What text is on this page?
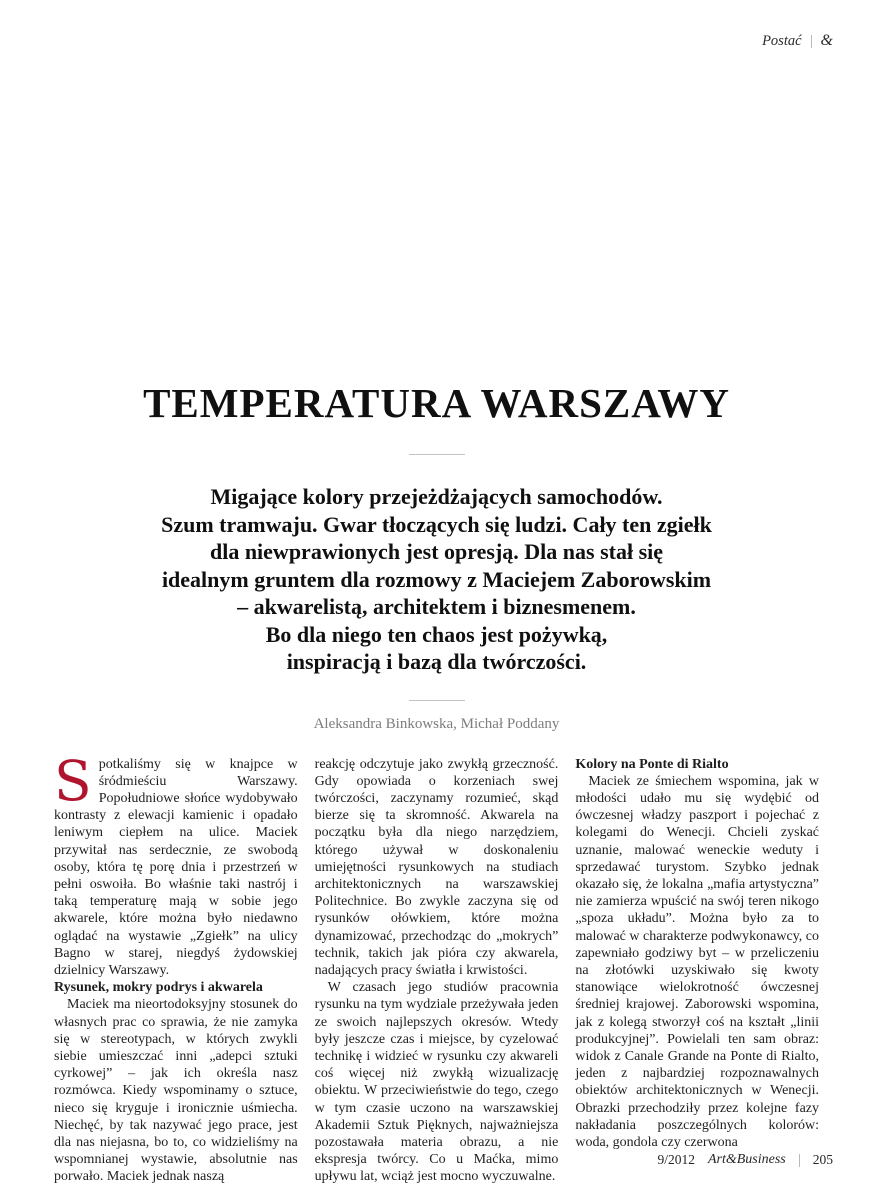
Postać &
TEMPERATURA WARSZAWY
Migające kolory przejeżdżających samochodów.
Szum tramwaju. Gwar tłoczących się ludzi. Cały ten zgiełk
dla niewprawionych jest opresją. Dla nas stał się
idealnym gruntem dla rozmowy z Maciejem Zaborowskim
– akwarelistą, architektem i biznesmenem.
Bo dla niego ten chaos jest pożywką,
inspiracją i bazą dla twórczości.
Aleksandra Binkowska, Michał Poddany

Spotkaliśmy się w knajpce w śródmieściu Warszawy. Popołudniowe słońce wydobywało kontrasty z elewacji kamienic i opadało leniwym ciepłem na ulice. Maciek przywitał nas serdecznie, ze swobodą osoby, która tę porę dnia i przestrzeń w pełni oswoiła. Bo właśnie taki nastrój i taką temperaturę mają w sobie jego akwarele, które można było niedawno oglądać na wystawie „Zgiełk” na ulicy Bagno w starej, niegdyś żydowskiej dzielnicy Warszawy.

Rysunek, mokry podrys i akwarela

Maciek ma nieortodoksyjny stosunek do własnych prac co sprawia, że nie zamyka się w stereotypach, w których zwykli siebie umieszczać inni „adepci sztuki cyrkowej” – jak ich określa nasz rozmówca. Kiedy wspominamy o sztuce, nieco się kryguje i ironicznie uśmiecha. Niechęć, by tak nazywać jego prace, jest dla nas niejasna, bo to, co widzieliśmy na wspomnianej wystawie, absolutnie nas porwało. Maciek jednak naszą

reakcję odczytuje jako zwykłą grzeczność. Gdy opowiada o korzeniach swej twórczości, zaczynamy rozumieć, skąd bierze się ta skromność. Akwarela na początku była dla niego narzędziem, którego używał w doskonaleniu umiejętności rysunkowych na studiach architektonicznych na warszawskiej Politechnice. Bo zwykle zaczyna się od rysunków ołówkiem, które można dynamizować, przechodząc do „mokrych” technik, takich jak pióra czy akwarela, nadających pracy światła i krwistości.

W czasach jego studiów pracownia rysunku na tym wydziale przeżywała jeden ze swoich najlepszych okresów. Wtedy były jeszcze czas i miejsce, by cyzelować technikę i widzieć w rysunku czy akwareli coś więcej niż zwykłą wizualizację obiektu. W przeciwieństwie do tego, czego w tym czasie uczono na warszawskiej Akademii Sztuk Pięknych, najważniejsza pozostawała materia obrazu, a nie ekspresja twórcy. Co u Maćka, mimo upływu lat, wciąż jest mocno wyczuwalne.

Kolory na Ponte di Rialto

Maciek ze śmiechem wspomina, jak w młodości udało mu się wydębić od ówczesnej władzy paszport i pojechać z kolegami do Wenecji. Chcieli zyskać uznanie, malować weneckie weduty i sprzedawać turystom. Szybko jednak okazało się, że lokalna „mafia artystyczna” nie zamierza wpuścić na swój teren nikogo „spoza układu”. Można było za to malować w charakterze podwykonawcy, co zapewniało godziwy byt – w przeliczeniu na złotówki uzyskiwało się kwoty stanowiące wielokrotność ówczesnej średniej krajowej. Zaborowski wspomina, jak z kolegą stworzył coś na kształt „linii produkcyjnej”. Powielali ten sam obraz: widok z Canale Grande na Ponte di Rialto, jeden z najbardziej rozpoznawalnych obiektów architektonicznych w Wenecji. Obrazki przechodziły przez kolejne fazy nakładania poszczególnych kolorów: woda, gondola czy czerwona

9/2012 Art&Business 205
